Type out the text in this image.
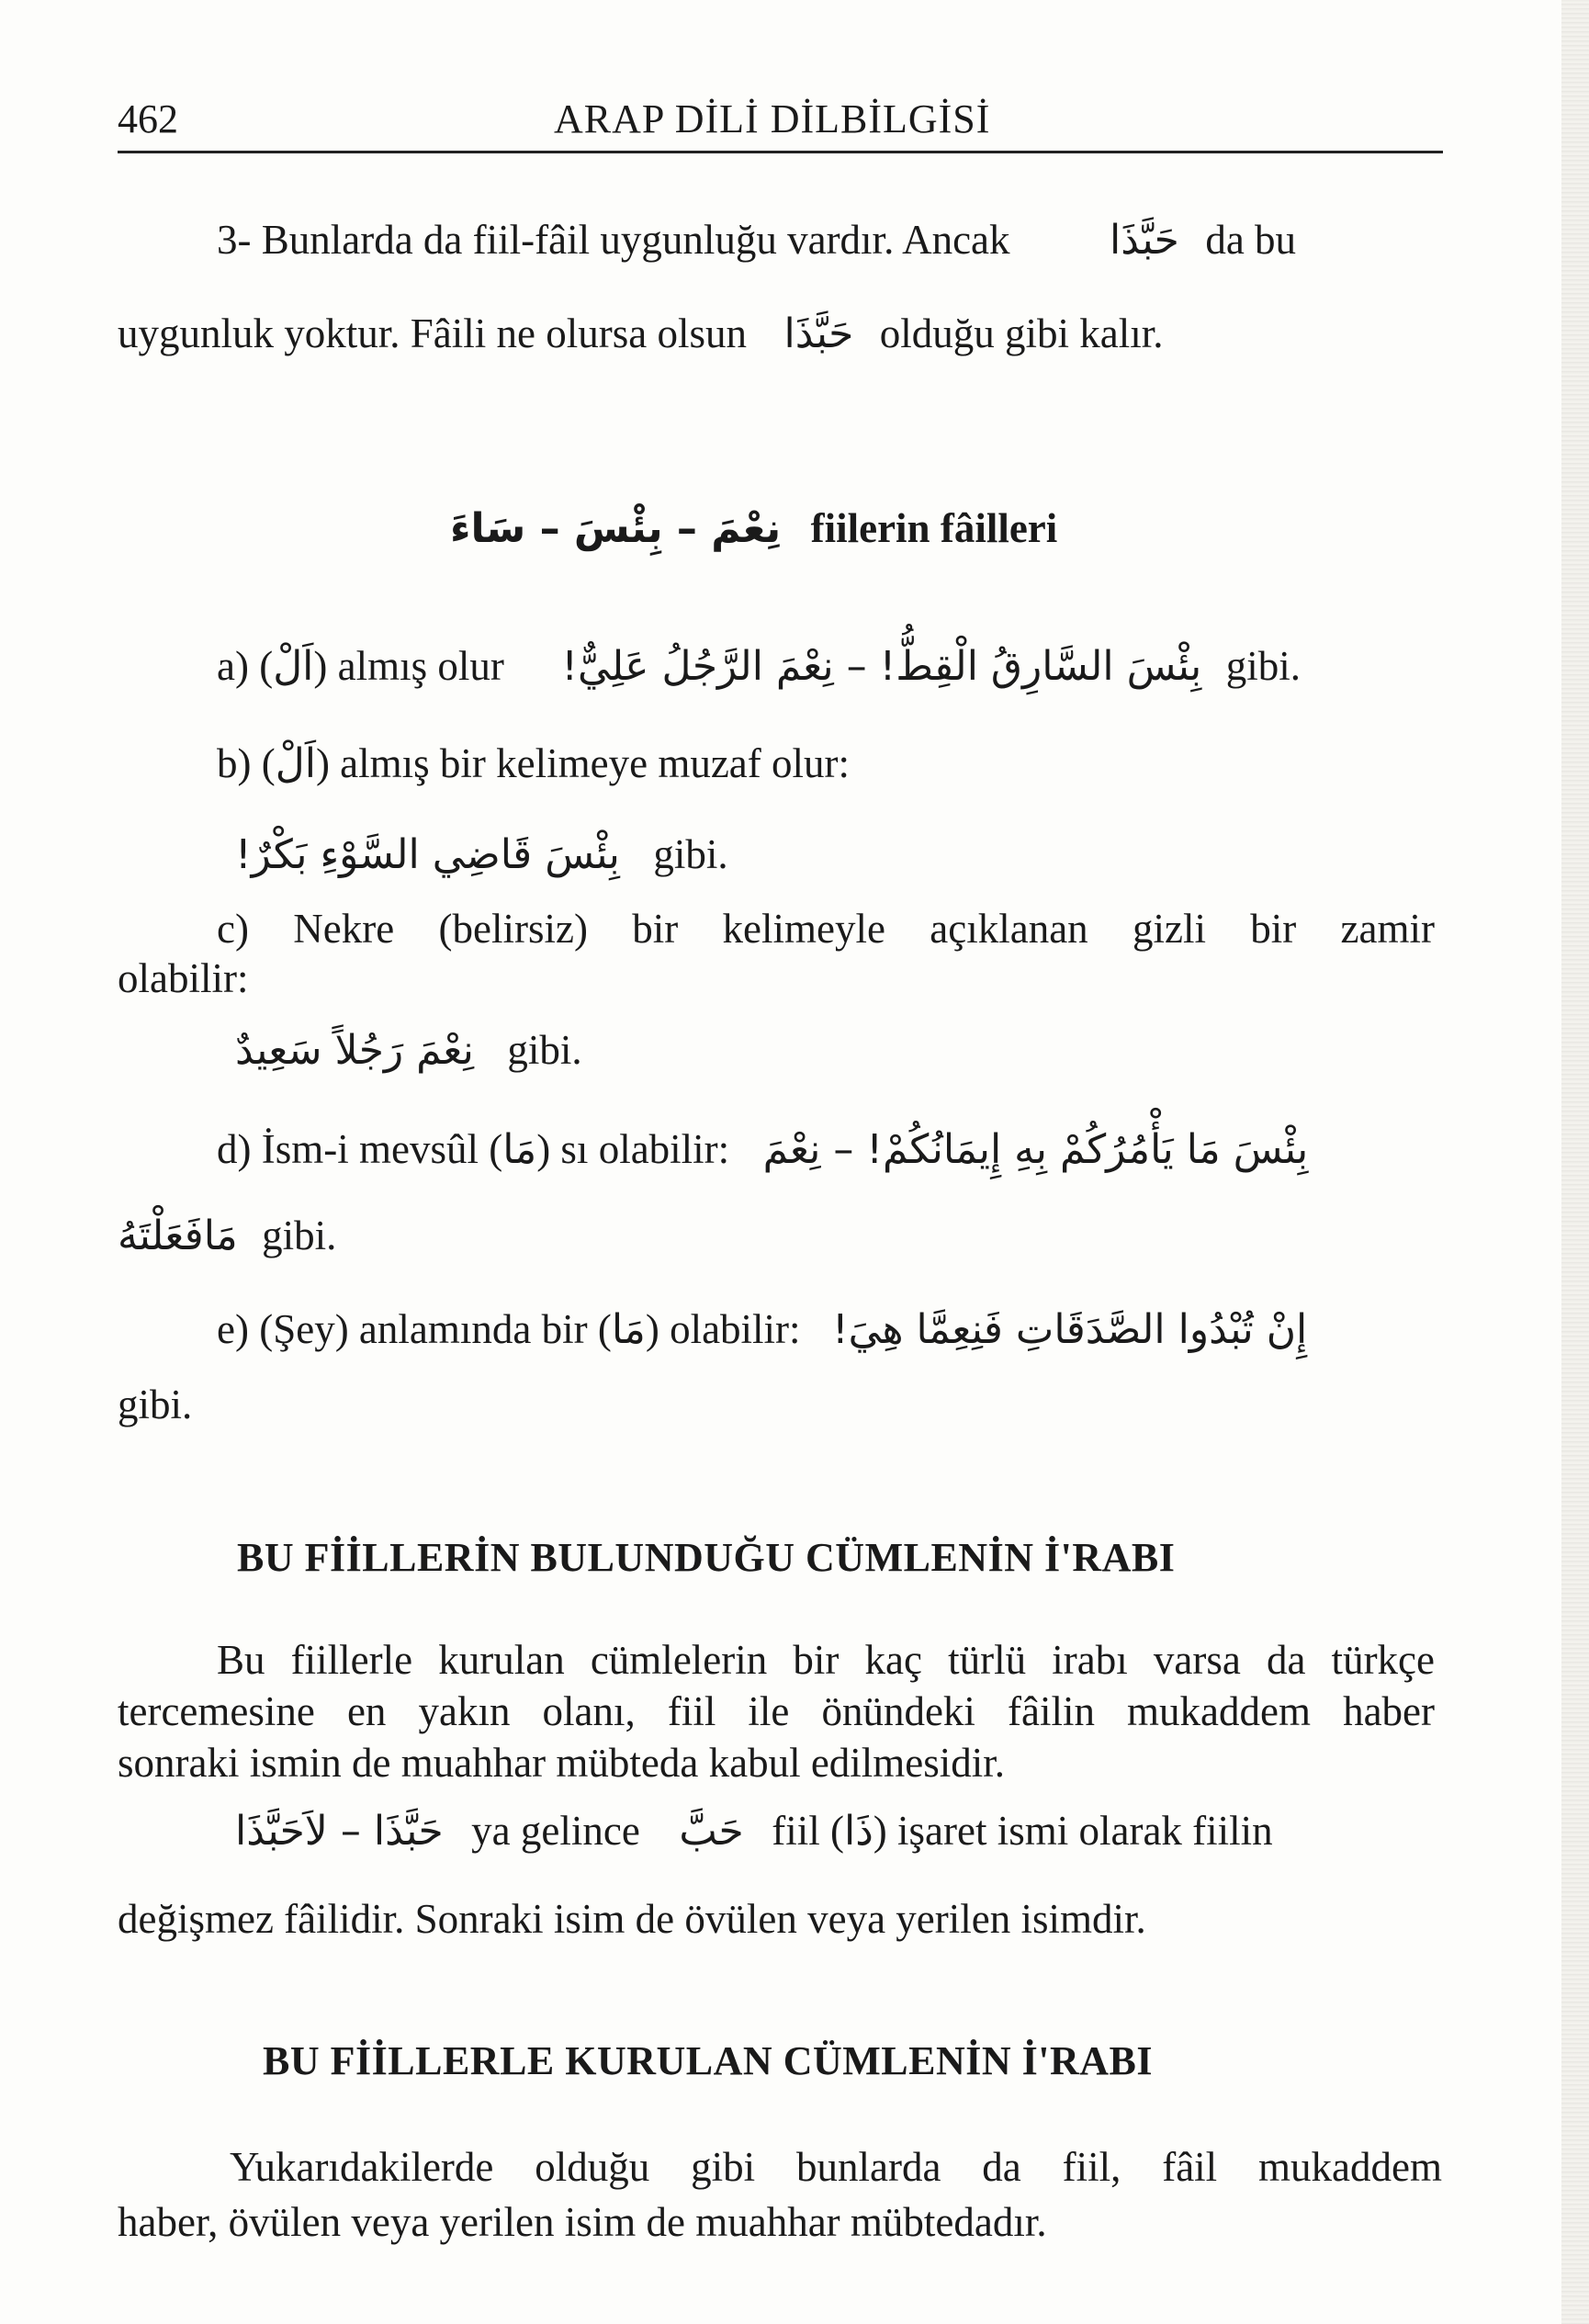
462	ARAP DİLİ DİLBİLGİSİ
3- Bunlarda da fiil-fâil uygunluğu vardır. Ancak حَبَّذَا da bu
uygunluk yoktur. Fâili ne olursa olsun حَبَّذَا olduğu gibi kalır.
نِعْمَ – بِئْسَ – سَاءَ fiilerin fâilleri
a) (اَلْ) almış olur بِئْسَ السَّارِقُ الْقِطُّ! – نِعْمَ الرَّجُلُ عَلِيٌّ! gibi.
b) (اَلْ) almış bir kelimeye muzaf olur:
بِئْسَ قَاضِي السَّوْءِ بَكْرٌ! gibi.
c) Nekre (belirsiz) bir kelimeyle açıklanan gizli bir zamir
olabilir:
نِعْمَ رَجُلاً سَعِيدٌ gibi.
d) İsm-i mevsûl (مَا) sı olabilir: بِئْسَ مَا يَأْمُرُكُمْ بِهِ إِيمَانُكُمْ! – نِعْمَ
مَافَعَلْتَهُ gibi.
e) (Şey) anlamında bir (مَا) olabilir: إِنْ تُبْدُوا الصَّدَقَاتِ فَنِعِمَّا هِيَ!
gibi.
BU FİİLLERİN BULUNDUĞU CÜMLENİN İ'RABI
Bu fiillerle kurulan cümlelerin bir kaç türlü irabı varsa da türkçe
tercemesine en yakın olanı, fiil ile önündeki fâilin mukaddem haber
sonraki ismin de muahhar mübteda kabul edilmesidir.
حَبَّذَا – لاَحَبَّذَا ya gelince حَبَّ fiil (ذَا) işaret ismi olarak fiilin
değişmez fâilidir. Sonraki isim de övülen veya yerilen isimdir.
BU FİİLLERLE KURULAN CÜMLENİN İ'RABI
Yukarıdakilerde olduğu gibi bunlarda da fiil, fâil mukaddem
haber, övülen veya yerilen isim de muahhar mübtedadır.
